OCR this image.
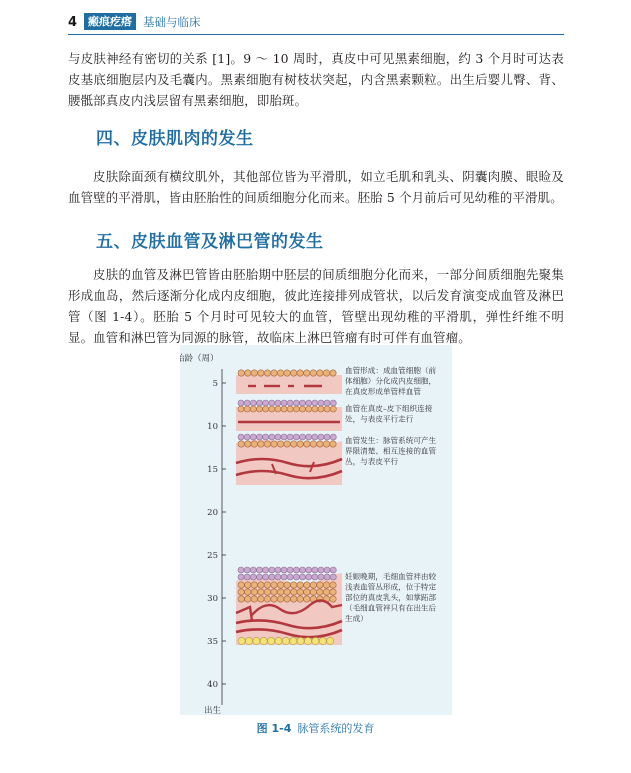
4 瘢痕疙瘩 基础与临床

与皮肤神经有密切的关系 [1]。9 ～ 10 周时，真皮中可见黑素细胞，约 3 个月时可达表皮基底细胞层内及毛囊内。黑素细胞有树枝状突起，内含黑素颗粒。出生后婴儿臀、背、腰骶部真皮内浅层留有黑素细胞，即胎斑。

四、皮肤肌肉的发生

皮肤除面颈有横纹肌外，其他部位皆为平滑肌，如立毛肌和乳头、阴囊肉膜、眼睑及血管壁的平滑肌，皆由胚胎性的间质细胞分化而来。胚胎 5 个月前后可见幼稚的平滑肌。

五、皮肤血管及淋巴管的发生

皮肤的血管及淋巴管皆由胚胎期中胚层的间质细胞分化而来，一部分间质细胞先聚集形成血岛，然后逐渐分化成内皮细胞，彼此连接排列成管状，以后发育演变成血管及淋巴管（图 1-4）。胚胎 5 个月时可见较大的血管，管壁出现幼稚的平滑肌，弹性纤维不明显。血管和淋巴管为同源的脉管，故临床上淋巴管瘤有时可伴有血管瘤。

胎龄（周）
5
10
15
20
25
30
35
40
出生
血管形成：成血管细胞（前体细胞）分化成内皮细胞，在真皮形成单管样血管
血管在真皮–皮下组织连接处，与表皮平行走行
血管发生：脉管系统可产生界限清楚、相互连接的血管丛，与表皮平行
妊娠晚期，毛细血管袢由较浅表血管丛形成，位于特定部位的真皮乳头，如掌跖部（毛细血管袢只有在出生后生成）
图 1-4 脉管系统的发育
